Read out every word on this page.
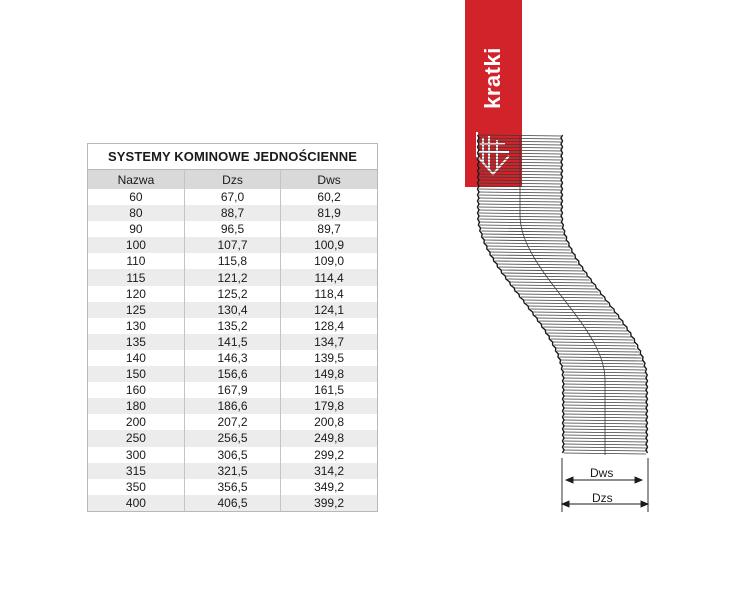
SYSTEMY KOMINOWE JEDNOŚCIENNE
Nazwa	Dzs	Dws
60	67,0	60,2
80	88,7	81,9
90	96,5	89,7
100	107,7	100,9
110	115,8	109,0
115	121,2	114,4
120	125,2	118,4
125	130,4	124,1
130	135,2	128,4
135	141,5	134,7
140	146,3	139,5
150	156,6	149,8
160	167,9	161,5
180	186,6	179,8
200	207,2	200,8
250	256,5	249,8
300	306,5	299,2
315	321,5	314,2
350	356,5	349,2
400	406,5	399,2
kratki
Dws
Dzs
